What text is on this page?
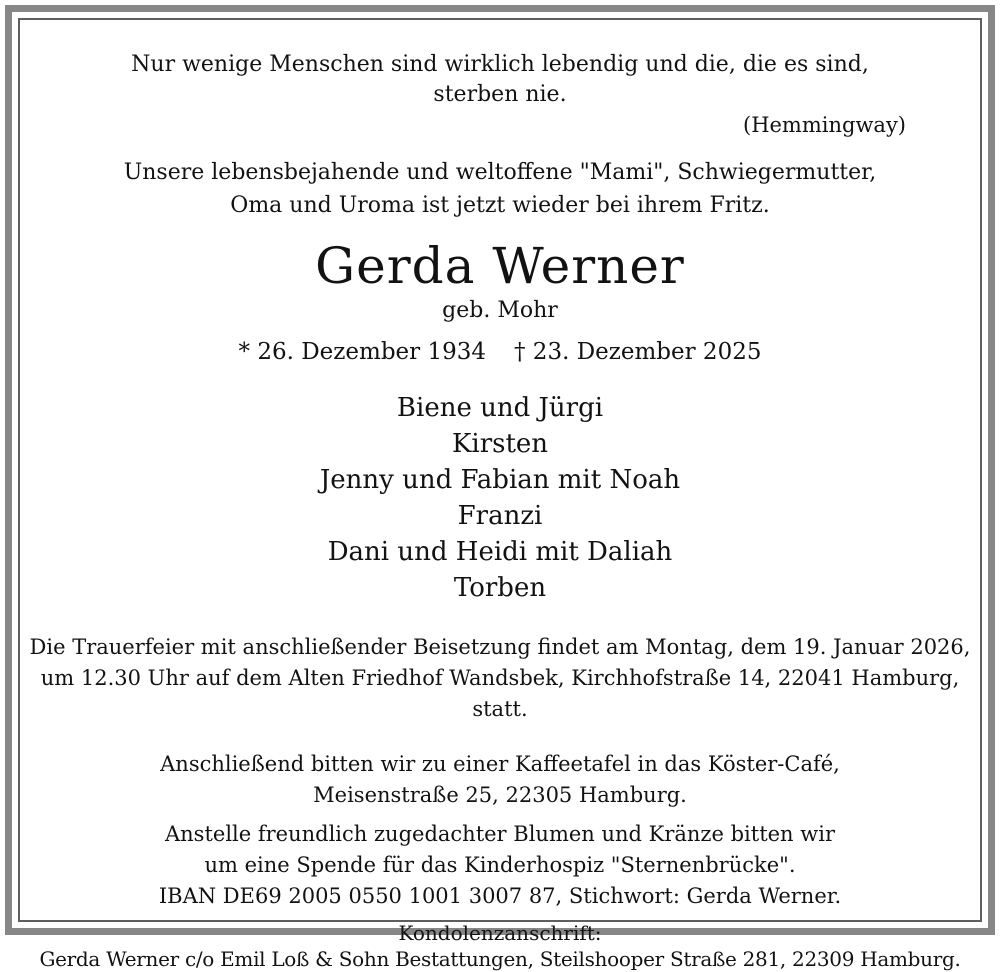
Nur wenige Menschen sind wirklich lebendig und die, die es sind, sterben nie.
(Hemmingway)
Unsere lebensbejahende und weltoffene "Mami", Schwiegermutter,
Oma und Uroma ist jetzt wieder bei ihrem Fritz.
Gerda Werner
geb. Mohr
* 26. Dezember 1934 † 23. Dezember 2025
Biene und Jürgi
Kirsten
Jenny und Fabian mit Noah
Franzi
Dani und Heidi mit Daliah
Torben
Die Trauerfeier mit anschließender Beisetzung findet am Montag, dem 19. Januar 2026,
um 12.30 Uhr auf dem Alten Friedhof Wandsbek, Kirchhofstraße 14, 22041 Hamburg, statt.
Anschließend bitten wir zu einer Kaffeetafel in das Köster-Café,
Meisenstraße 25, 22305 Hamburg.
Anstelle freundlich zugedachter Blumen und Kränze bitten wir
um eine Spende für das Kinderhospiz "Sternenbrücke".
IBAN DE69 2005 0550 1001 3007 87, Stichwort: Gerda Werner.
Kondolenzanschrift:
Gerda Werner c/o Emil Loß & Sohn Bestattungen, Steilshooper Straße 281, 22309 Hamburg.
